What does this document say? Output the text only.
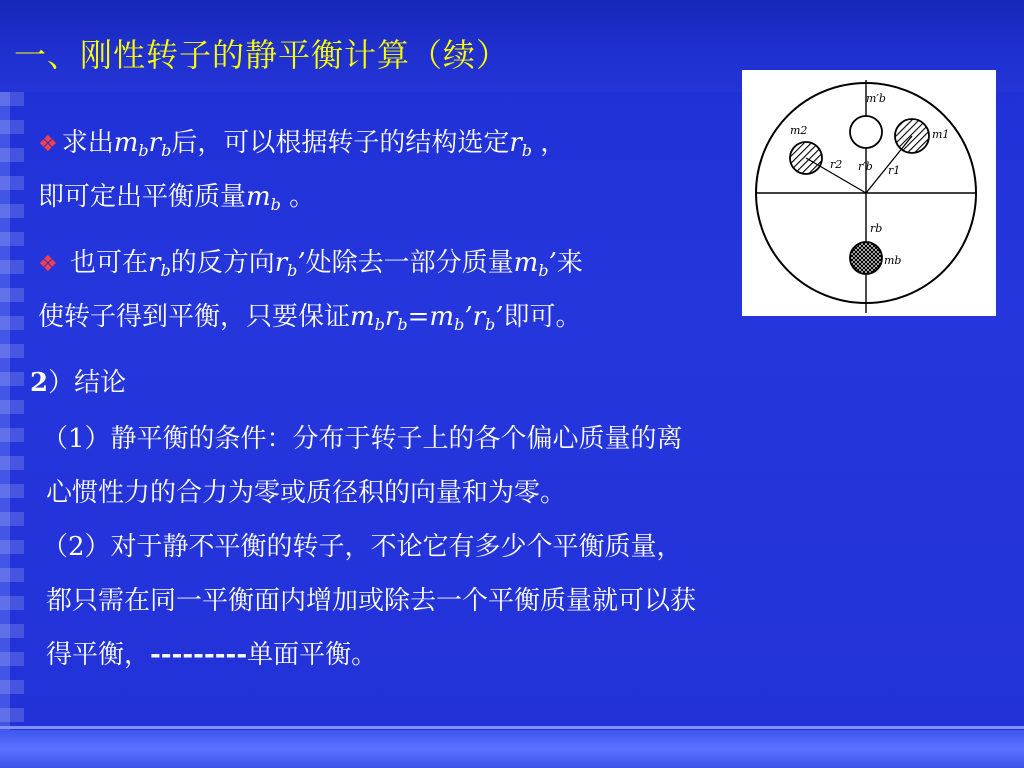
一、刚性转子的静平衡计算（续）
❖ 求出$m_br_b$后，可以根据转子的结构选定$r_b$ ，
即可定出平衡质量$m_b$ 。
❖ 也可在$r_b$的反方向$r_b$’处除去一部分质量$m_b$’来
使转子得到平衡，只要保证$m_br_b=m_b’r_b$’即可。
2）结论
（1）静平衡的条件：分布于转子上的各个偏心质量的离
心惯性力的合力为零或质径积的向量和为零。
（2）对于静不平衡的转子，不论它有多少个平衡质量，
都只需在同一平衡面内增加或除去一个平衡质量就可以获
得平衡，---------单面平衡。
m′b
m2	m1
r2 r′b r1
rb
mb
